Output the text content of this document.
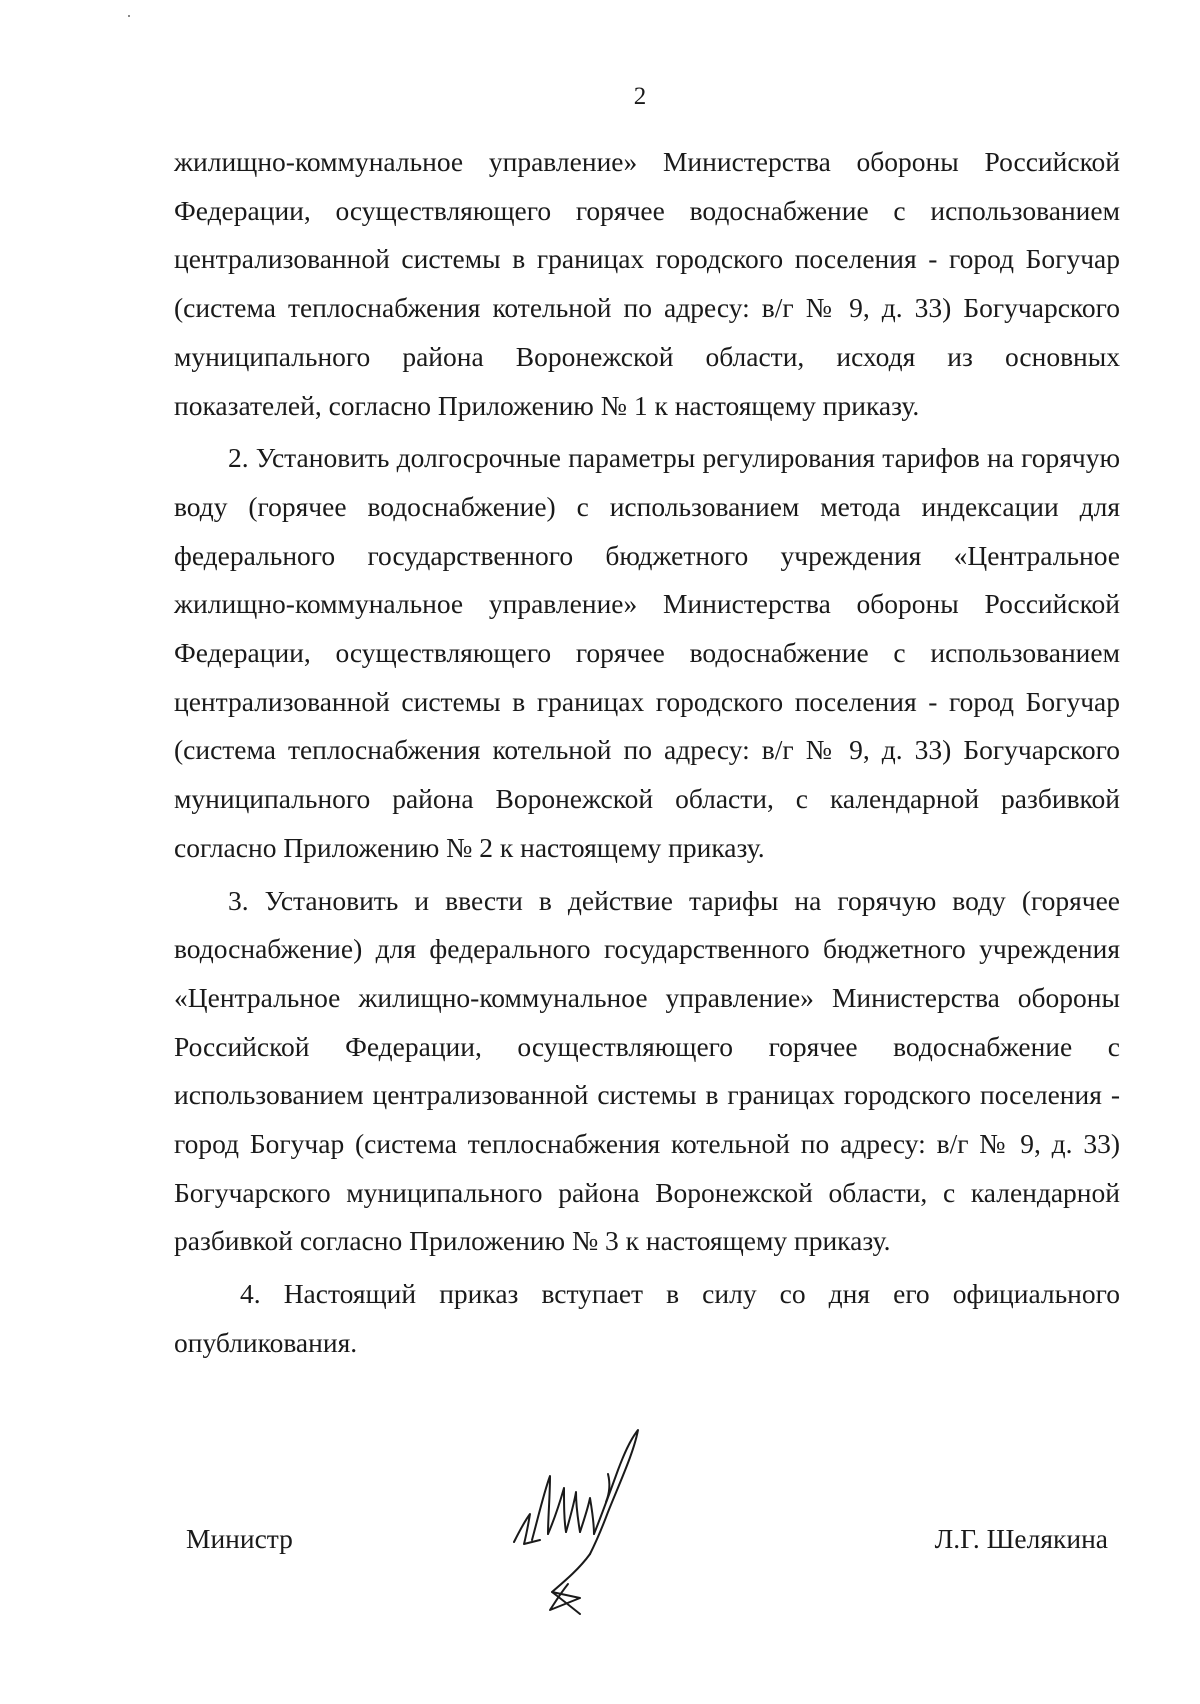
2

жилищно-коммунальное управление» Министерства обороны Российской Федерации, осуществляющего горячее водоснабжение с использованием централизованной системы в границах городского поселения - город Богучар (система теплоснабжения котельной по адресу: в/г № 9, д. 33) Богучарского муниципального района Воронежской области, исходя из основных показателей, согласно Приложению № 1 к настоящему приказу.

2. Установить долгосрочные параметры регулирования тарифов на горячую воду (горячее водоснабжение) с использованием метода индексации для федерального государственного бюджетного учреждения «Центральное жилищно-коммунальное управление» Министерства обороны Российской Федерации, осуществляющего горячее водоснабжение с использованием централизованной системы в границах городского поселения - город Богучар (система теплоснабжения котельной по адресу: в/г № 9, д. 33) Богучарского муниципального района Воронежской области, с календарной разбивкой согласно Приложению № 2 к настоящему приказу.

3. Установить и ввести в действие тарифы на горячую воду (горячее водоснабжение) для федерального государственного бюджетного учреждения «Центральное жилищно-коммунальное управление» Министерства обороны Российской Федерации, осуществляющего горячее водоснабжение с использованием централизованной системы в границах городского поселения - город Богучар (система теплоснабжения котельной по адресу: в/г № 9, д. 33) Богучарского муниципального района Воронежской области, с календарной разбивкой согласно Приложению № 3 к настоящему приказу.

4. Настоящий приказ вступает в силу со дня его официального опубликования.

Министр	Л.Г. Шелякина
